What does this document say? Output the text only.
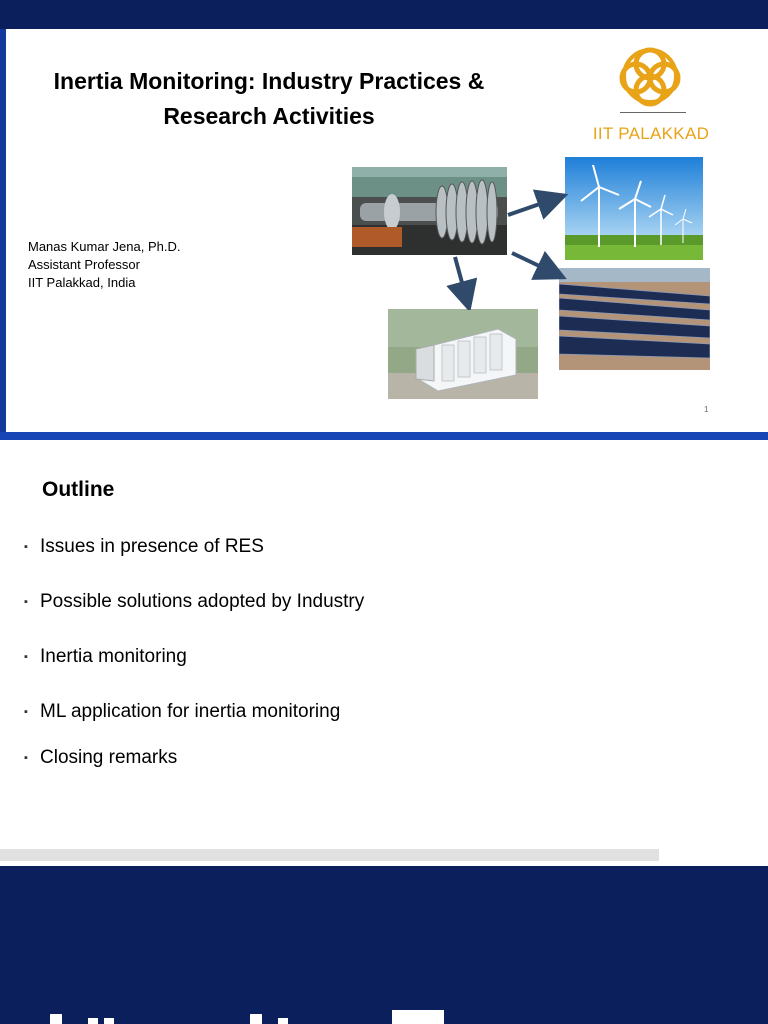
Inertia Monitoring: Industry Practices &
Research Activities
Manas Kumar Jena, Ph.D.
Assistant Professor
IIT Palakkad, India
IIT PALAKKAD
1
Outline
▪ Issues in presence of RES
▪ Possible solutions adopted by Industry
▪ Inertia monitoring
▪ ML application for inertia monitoring
▪ Closing remarks
